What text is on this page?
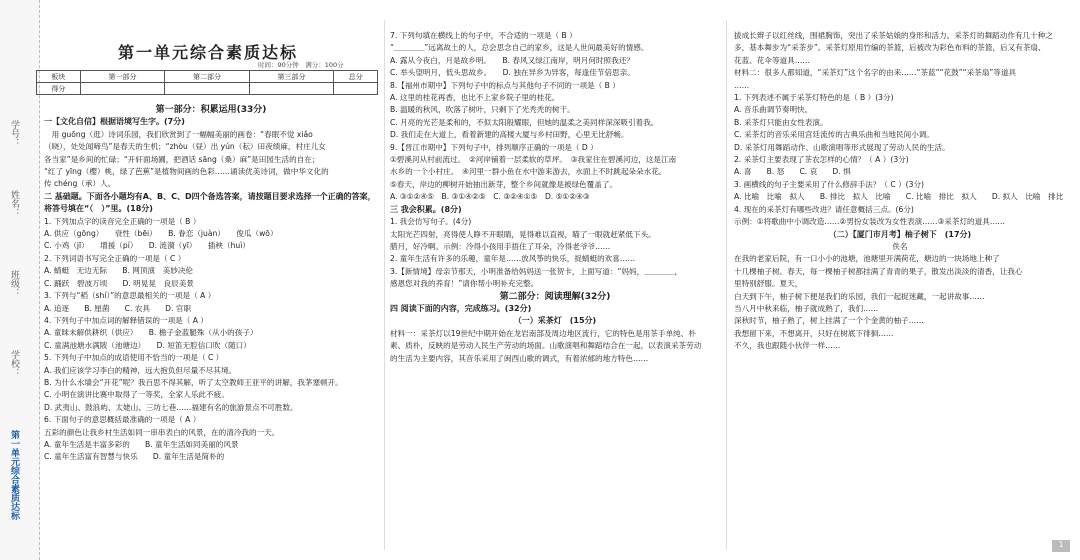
学号：
姓名：
班级：
学校：
第一单元综合素质达标
第一单元综合素质达标
时间：90分钟　满分：100分
板块	第一部分	第二部分	第三部分	总分
得分				

第一部分：积累运用(33分)

一【文化自信】根据语境写生字。(7分)

　用 guōng（逛）诗词乐园，我们欣赏到了一幅幅美丽的画卷：“春眠不觉 xiǎo

（晓），处处闻啼鸟”是春天的生机；“zhòu（昼）出 yún（耘）田夜绩麻，村庄儿女

各当家”是乡间的忙碌；“开轩面场圃，把酒话 sāng（桑）麻”是田园生活的自在；

“红了 yīng（樱）桃，绿了芭蕉”是植物间画的色彩……诵读优美诗词，做中华文化的

传 chéng（承）人。

二 基础题。下面各小题均有A、B、C、D四个备选答案，请按题目要求选择一个正确的答案，将答号填在“（　）”里。(18分)

1. 下列加点字的读音完全正确的一项是（ B ）

A. 供应（gōng）　　衰性（bēi）　　B. 眷恋（juàn）　　俊瓜（wō）

C. 小鸡（jī）　　增援（pí）　　D. 涟漪（yī）　　插秧（huì）

2. 下列词语书写完全正确的一项是（ C ）

A. 蜻蜓　无边无际　　B. 网顶演　美妙决伦

C. 踊跃　碧波万顷　　D. 明晃晃　良辰美景

3. 下列与“稻（shí）”的意思最相关的一项是（ A ）

A. 追逐　　B. 厘菌　　C. 农具　　D. 官职

4. 下列句子中加点词的解释错误的一项是（ A ）

A. 童昧未解供耕织（供应）　　B. 檐子金蓝腿殊（从小的孩子）

C. 童满池塘水满陂（池塘边）　　D. 短笛无腔信口吹（随口）

5. 下列句子中加点的成语使用不恰当的一项是（ C ）

A. 我们应该学习李白的精神，远大抱负但尽量不尽其境。

B. 为什么水墙会“开花”呢？我百思不得其解，听了太空教师王亚平的讲解，我茅塞顿开。

C. 小明在演讲比赛中取得了一等奖，全家人乐此不疲。

D. 武夷山、鼓浪屿、太姥山、三坊七巷……福建有名的旅游景点不可胜数。

6. 下面句子的意思概括最准确的一项是（ A ）

五彩的颜色让我乡村生活如同一串串表白的风景，在的清冷我的一天。

A. 童年生活是丰富多彩的　　B. 童年生活如同美丽的风景

C. 童年生活富有智慧与快乐　　D. 童年生活是简朴的

7. 下列句填在横线上的句子中，不合适的一项是（ B ）

“＿＿＿＿”远离故土的人，总会思念自己的家乡，这是人世间最美好的情感。

A. 露从今夜白，月是故乡明。　　B. 春风又绿江南岸，明月何时照我还？

C. 举头望明月，低头思故乡。　　D. 独在异乡为异客，每逢佳节倍思亲。

8.【福州市期中】下列句子中的标点与其他句子不同的一项是（ B ）

A. 这里的桂花再香，也比不上家乡院子里的桂花。

B. 温暖的秋风，吹落了树叶，只剩下了光秃秃的树干。

C. 月亮的光芒是柔和的，不似太阳般耀眼，但她的温柔之美同样深深吸引着我。

D. 我们走在大道上，看着新建的高楼大厦与乡村田野，心里无比舒畅。

9.【晋江市期中】下列句子中，排列顺序正确的一项是（ D ）

①碧溪河从村前流过。　②河岸铺着一层柔软的草坪。　③我家住在碧溪河边，这是江南

水乡的一个小村庄。　④河里一群小鱼在水中游来游去，水面上不时跳起朵朵水花。

⑤春天，岸边的柳树开始抽出新芽，整个乡间就像是被绿色覆盖了。

A. ③①②④⑤　B. ③①④②⑤　C. ③②④①⑤　D. ⑤①②④③

三 我会积累。(8分)

1. 我会仿写句子。(4分)

太阳光芒四射，亮得使人睁不开眼睛，晃得难以直视，瞄了一眼就赶紧低下头。

腊月，好冷啊。示例：冷得小孩用手捂住了耳朵，冷得老爷爷……

2. 童年生活有许多的乐趣，童年是……放风筝的快乐，捉蜻蜓的欢喜……

3.【新情境】母亲节那天，小明准备给妈妈送一张贺卡，上面写道：“妈妈，＿＿＿＿，

感恩您对我的养育！”请你帮小明补充完整。

第二部分：阅读理解(32分)

四 阅读下面的内容，完成练习。(32分)

（一）采茶灯　(15分)

材料一：采茶灯以19世纪中期开始在龙岩南部及周边地区流行，它的特色是用茶手单纯、朴

素、质朴，反映的是劳动人民生产劳动的场面。山歌演唱和舞蹈结合在一起，以表演采茶劳动

的生活为主要内容，其音乐采用了闽西山歌的调式，有着浓郁的地方特色……

拔成长辫子以红丝线，围裙胸饰，突出了采茶姑娘的身形和活力。采茶灯的舞蹈动作有几十种之

多，基本舞步为“采茶步”。采茶灯原用竹编的茶篮，后被改为彩色布料的茶篮，后又有茶扇、

花蓝、花伞等道具……

材料二：很多人都知道，“采茶灯”这个名字的由来……“茶蓝”“花鼓”“采茶扇”等道具

……

1. 下列表述不属于采茶灯特色的是（ B ）(3分)

A. 音乐曲调节奏明快。

B. 采茶灯只能由女性表演。

C. 采茶灯的音乐采用宫廷流传的古典乐曲和当地民间小调。

D. 采茶灯用舞蹈动作、山歌演唱等形式展现了劳动人民的生活。

2. 采茶灯主要表现了茶农怎样的心情？（ A ）(3分)

A. 喜　　B. 怒　　C. 哀　　D. 惧

3. 画横线的句子主要采用了什么修辞手法？（ C ）(3分)

A. 比喻　比喻　拟人　　B. 排比　拟人　比喻　　C. 比喻　排比　拟人　　D. 拟人　比喻　排比

4. 现在的采茶灯有哪些改进？请任意概括三点。(6分)

示例：①将歌曲中小调改造……②男扮女装改为女性表演……③采茶灯的道具……

（二）【厦门市月考】柚子树下　(17分)

佚名

在我的老家后院，有一口小小的池塘，池塘里开满荷花，塘边的一块场地上种了

十几棵柚子树。春天，每一棵柚子树都挂满了青青的果子，散发出淡淡的清香，让我心

里特别舒服。夏天，

白天到下午，柚子树下便是我们的乐园，我们一起捉迷藏，一起讲故事……

当八月中秋来临，柚子就成熟了，我们……

深秋时节，柚子熟了，树上挂满了一个个金黄的柚子……

我想留下来，不想离开，只好在树底下徘徊……

不久，我也跟随小伙伴一样……

1
